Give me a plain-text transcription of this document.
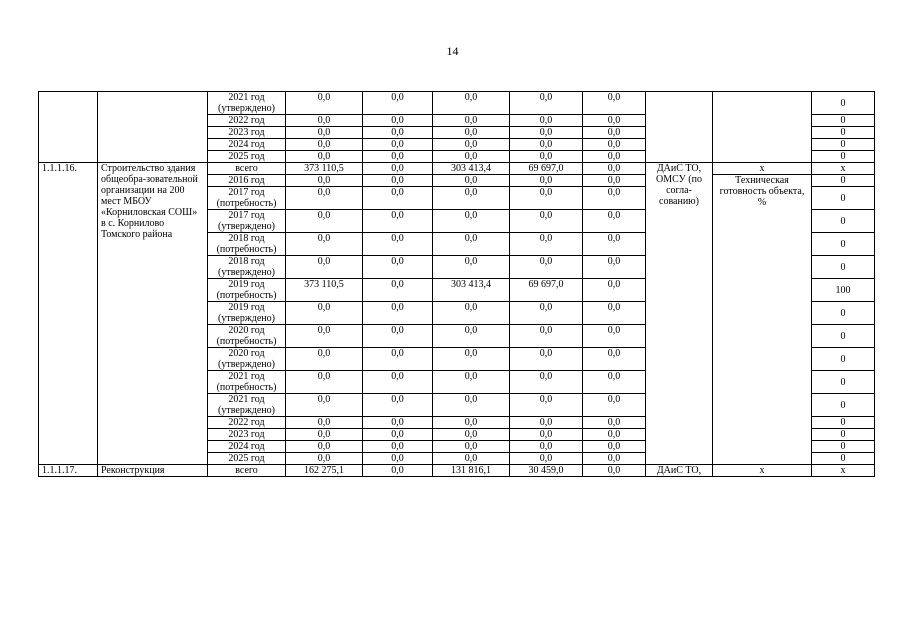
14
		2021 год (утверждено)	0,0	0,0	0,0	0,0	0,0			0
		2022 год	0,0	0,0	0,0	0,0	0,0			0
		2023 год	0,0	0,0	0,0	0,0	0,0			0
		2024 год	0,0	0,0	0,0	0,0	0,0			0
		2025 год	0,0	0,0	0,0	0,0	0,0			0
1.1.1.16.	Строительство здания общеобра-зовательной организации на 200 мест МБОУ «Корниловская СОШ» в с. Корнилово Томского района	всего	373 110,5	0,0	303 413,4	69 697,0	0,0	ДАиС ТО, ОМСУ (по согла-сованию)	х	х
		2016 год	0,0	0,0	0,0	0,0	0,0		Техническая готовность объекта, %	0
		2017 год (потребность)	0,0	0,0	0,0	0,0	0,0			0
		2017 год (утверждено)	0,0	0,0	0,0	0,0	0,0			0
		2018 год (потребность)	0,0	0,0	0,0	0,0	0,0			0
		2018 год (утверждено)	0,0	0,0	0,0	0,0	0,0			0
		2019 год (потребность)	373 110,5	0,0	303 413,4	69 697,0	0,0			100
		2019 год (утверждено)	0,0	0,0	0,0	0,0	0,0			0
		2020 год (потребность)	0,0	0,0	0,0	0,0	0,0			0
		2020 год (утверждено)	0,0	0,0	0,0	0,0	0,0			0
		2021 год (потребность)	0,0	0,0	0,0	0,0	0,0			0
		2021 год (утверждено)	0,0	0,0	0,0	0,0	0,0			0
		2022 год	0,0	0,0	0,0	0,0	0,0			0
		2023 год	0,0	0,0	0,0	0,0	0,0			0
		2024 год	0,0	0,0	0,0	0,0	0,0			0
		2025 год	0,0	0,0	0,0	0,0	0,0			0
1.1.1.17.	Реконструкция	всего	162 275,1	0,0	131 816,1	30 459,0	0,0	ДАиС ТО,	х	х
